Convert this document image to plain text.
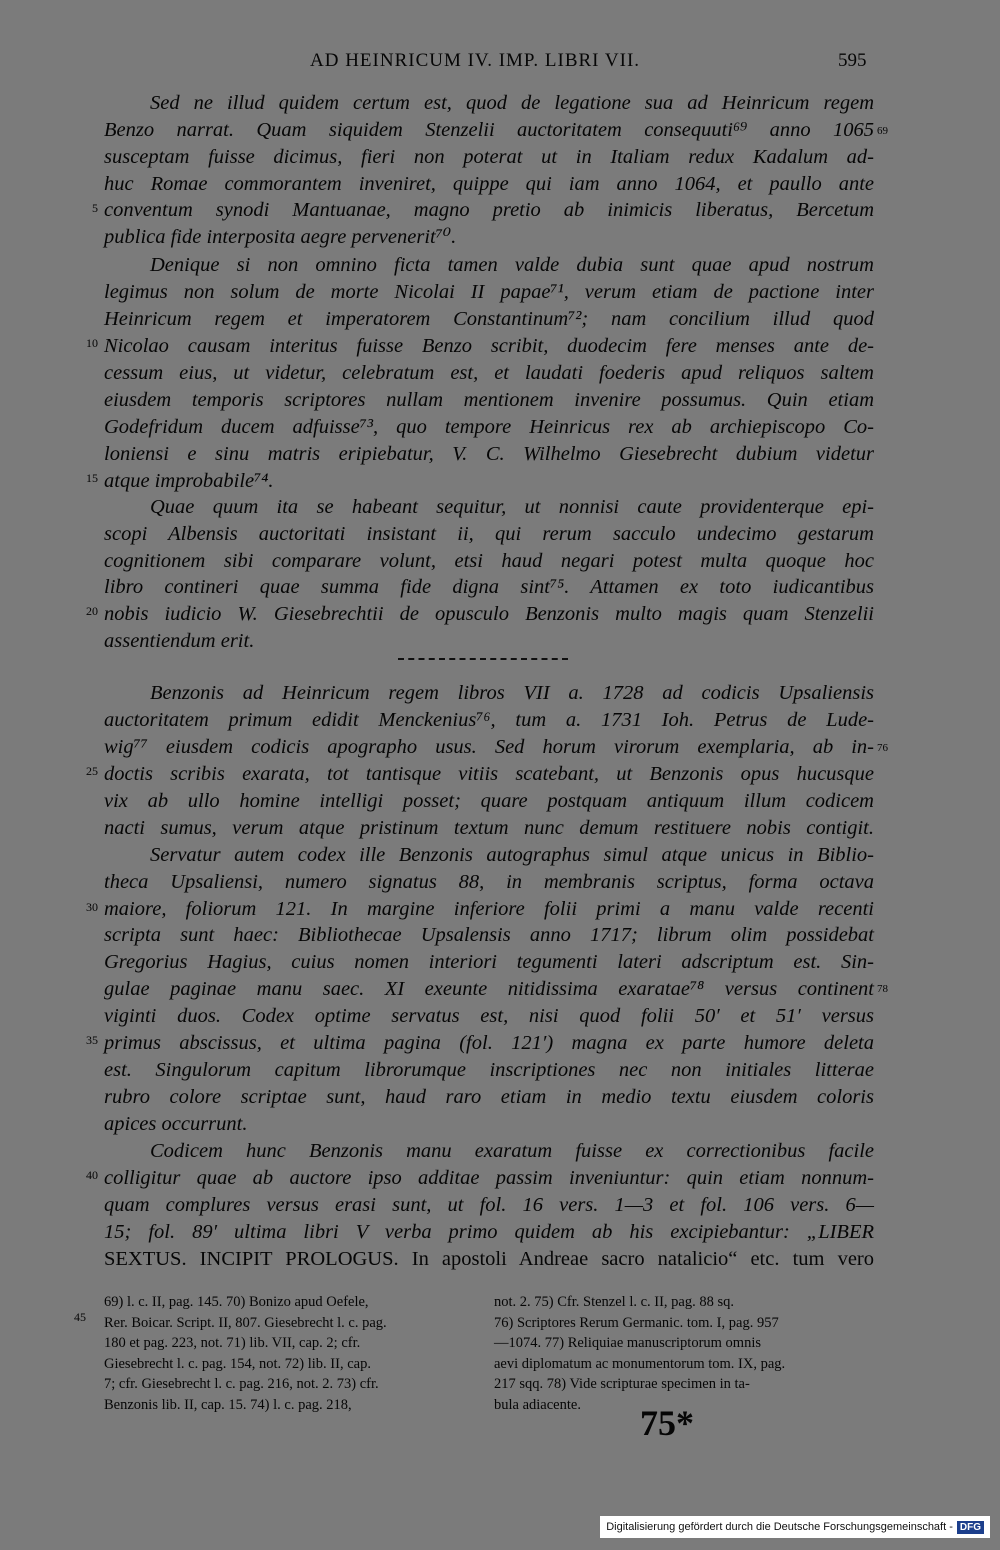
AD HEINRICUM IV. IMP. LIBRI VII.	595
Sed ne illud quidem certum est, quod de legatione sua ad Heinricum regem
Benzo narrat. Quam siquidem Stenzelii auctoritatem consequuti⁶⁹ anno 1065
susceptam fuisse dicimus, fieri non poterat ut in Italiam redux Kadalum ad-
huc Romae commorantem inveniret, quippe qui iam anno 1064, et paullo ante
conventum synodi Mantuanae, magno pretio ab inimicis liberatus, Bercetum
publica fide interposita aegre pervenerit⁷⁰.
Denique si non omnino ficta tamen valde dubia sunt quae apud nostrum
legimus non solum de morte Nicolai II papae⁷¹, verum etiam de pactione inter
Heinricum regem et imperatorem Constantinum⁷²; nam concilium illud quod
Nicolao causam interitus fuisse Benzo scribit, duodecim fere menses ante de-
cessum eius, ut videtur, celebratum est, et laudati foederis apud reliquos saltem
eiusdem temporis scriptores nullam mentionem invenire possumus. Quin etiam
Godefridum ducem adfuisse⁷³, quo tempore Heinricus rex ab archiepiscopo Co-
loniensi e sinu matris eripiebatur, V. C. Wilhelmo Giesebrecht dubium videtur
atque improbabile⁷⁴.
Quae quum ita se habeant sequitur, ut nonnisi caute providenterque epi-
scopi Albensis auctoritati insistant ii, qui rerum sacculo undecimo gestarum
cognitionem sibi comparare volunt, etsi haud negari potest multa quoque hoc
libro contineri quae summa fide digna sint⁷⁵. Attamen ex toto iudicantibus
nobis iudicio W. Giesebrechtii de opusculo Benzonis multo magis quam Stenzelii
assentiendum erit.
Benzonis ad Heinricum regem libros VII a. 1728 ad codicis Upsaliensis
auctoritatem primum edidit Menckenius⁷⁶, tum a. 1731 Ioh. Petrus de Lude-
wig⁷⁷ eiusdem codicis apographo usus. Sed horum virorum exemplaria, ab in-
doctis scribis exarata, tot tantisque vitiis scatebant, ut Benzonis opus hucusque
vix ab ullo homine intelligi posset; quare postquam antiquum illum codicem
nacti sumus, verum atque pristinum textum nunc demum restituere nobis contigit.
Servatur autem codex ille Benzonis autographus simul atque unicus in Biblio-
theca Upsaliensi, numero signatus 88, in membranis scriptus, forma octava
maiore, foliorum 121. In margine inferiore folii primi a manu valde recenti
scripta sunt haec: Bibliothecae Upsalensis anno 1717; librum olim possidebat
Gregorius Hagius, cuius nomen interiori tegumenti lateri adscriptum est. Sin-
gulae paginae manu saec. XI exeunte nitidissima exaratae⁷⁸ versus continent
viginti duos. Codex optime servatus est, nisi quod folii 50′ et 51′ versus
primus abscissus, et ultima pagina (fol. 121′) magna ex parte humore deleta
est. Singulorum capitum librorumque inscriptiones nec non initiales litterae
rubro colore scriptae sunt, haud raro etiam in medio textu eiusdem coloris
apices occurrunt.
Codicem hunc Benzonis manu exaratum fuisse ex correctionibus facile
colligitur quae ab auctore ipso additae passim inveniuntur: quin etiam nonnum-
quam complures versus erasi sunt, ut fol. 16 vers. 1—3 et fol. 106 vers. 6—
15; fol. 89′ ultima libri V verba primo quidem ab his excipiebantur: „LIBER
SEXTUS. INCIPIT PROLOGUS. In apostoli Andreae sacro natalicio“ etc. tum vero
5
10
15
20
25
30
35
40
69
76
78
69) l. c. II, pag. 145. 70) Bonizo apud Oefele,
Rer. Boicar. Script. II, 807. Giesebrecht l. c. pag.
180 et pag. 223, not. 71) lib. VII, cap. 2; cfr.
Giesebrecht l. c. pag. 154, not. 72) lib. II, cap.
7; cfr. Giesebrecht l. c. pag. 216, not. 2. 73) cfr.
Benzonis lib. II, cap. 15. 74) l. c. pag. 218,
not. 2. 75) Cfr. Stenzel l. c. II, pag. 88 sq.
76) Scriptores Rerum Germanic. tom. I, pag. 957
—1074. 77) Reliquiae manuscriptorum omnis
aevi diplomatum ac monumentorum tom. IX, pag.
217 sqq. 78) Vide scripturae specimen in ta-
bula adiacente.
45
75*
Digitalisierung gefördert durch die Deutsche Forschungsgemeinschaft - DFG
